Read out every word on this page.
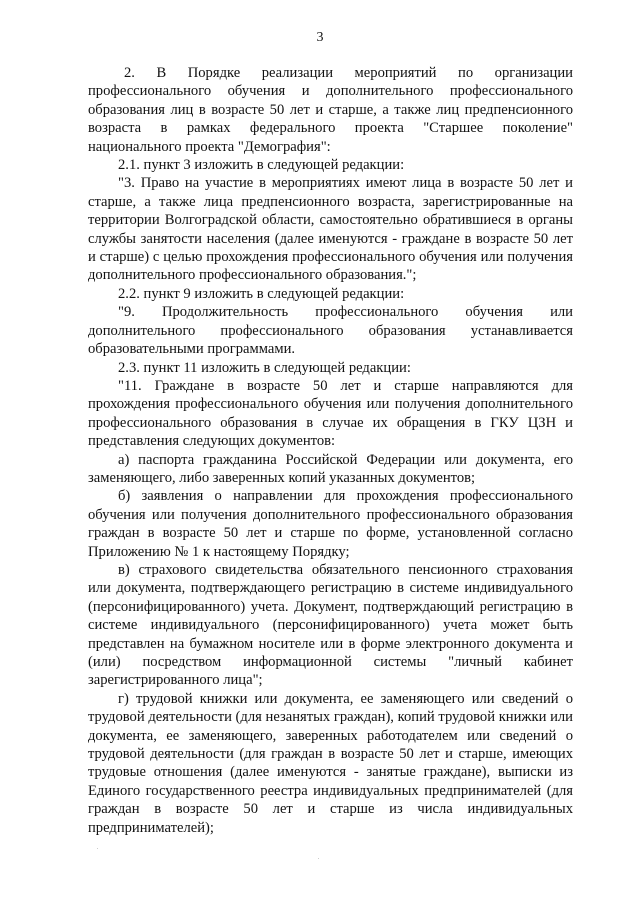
3

2. В Порядке реализации мероприятий по организации профессионального обучения и дополнительного профессионального образования лиц в возрасте 50 лет и старше, а также лиц предпенсионного возраста в рамках федерального проекта "Старшее поколение" национального проекта "Демография":

2.1. пункт 3 изложить в следующей редакции:

"3. Право на участие в мероприятиях имеют лица в возрасте 50 лет и старше, а также лица предпенсионного возраста, зарегистрированные на территории Волгоградской области, самостоятельно обратившиеся в органы службы занятости населения (далее именуются - граждане в возрасте 50 лет и старше) с целью прохождения профессионального обучения или получения дополнительного профессионального образования.";

2.2. пункт 9 изложить в следующей редакции:

"9. Продолжительность профессионального обучения или дополнительного профессионального образования устанавливается образовательными программами.

2.3. пункт 11 изложить в следующей редакции:

"11. Граждане в возрасте 50 лет и старше направляются для прохождения профессионального обучения или получения дополнительного профессионального образования в случае их обращения в ГКУ ЦЗН и представления следующих документов:

а) паспорта гражданина Российской Федерации или документа, его заменяющего, либо заверенных копий указанных документов;

б) заявления о направлении для прохождения профессионального обучения или получения дополнительного профессионального образования граждан в возрасте 50 лет и старше по форме, установленной согласно Приложению № 1 к настоящему Порядку;

в) страхового свидетельства обязательного пенсионного страхования или документа, подтверждающего регистрацию в системе индивидуального (персонифицированного) учета. Документ, подтверждающий регистрацию в системе индивидуального (персонифицированного) учета может быть представлен на бумажном носителе или в форме электронного документа и (или) посредством информационной системы "личный кабинет зарегистрированного лица";

г) трудовой книжки или документа, ее заменяющего или сведений о трудовой деятельности (для незанятых граждан), копий трудовой книжки или документа, ее заменяющего, заверенных работодателем или сведений о трудовой деятельности (для граждан в возрасте 50 лет и старше, имеющих трудовые отношения (далее именуются - занятые граждане), выписки из Единого государственного реестра индивидуальных предпринимателей (для граждан в возрасте 50 лет и старше из числа индивидуальных предпринимателей);
